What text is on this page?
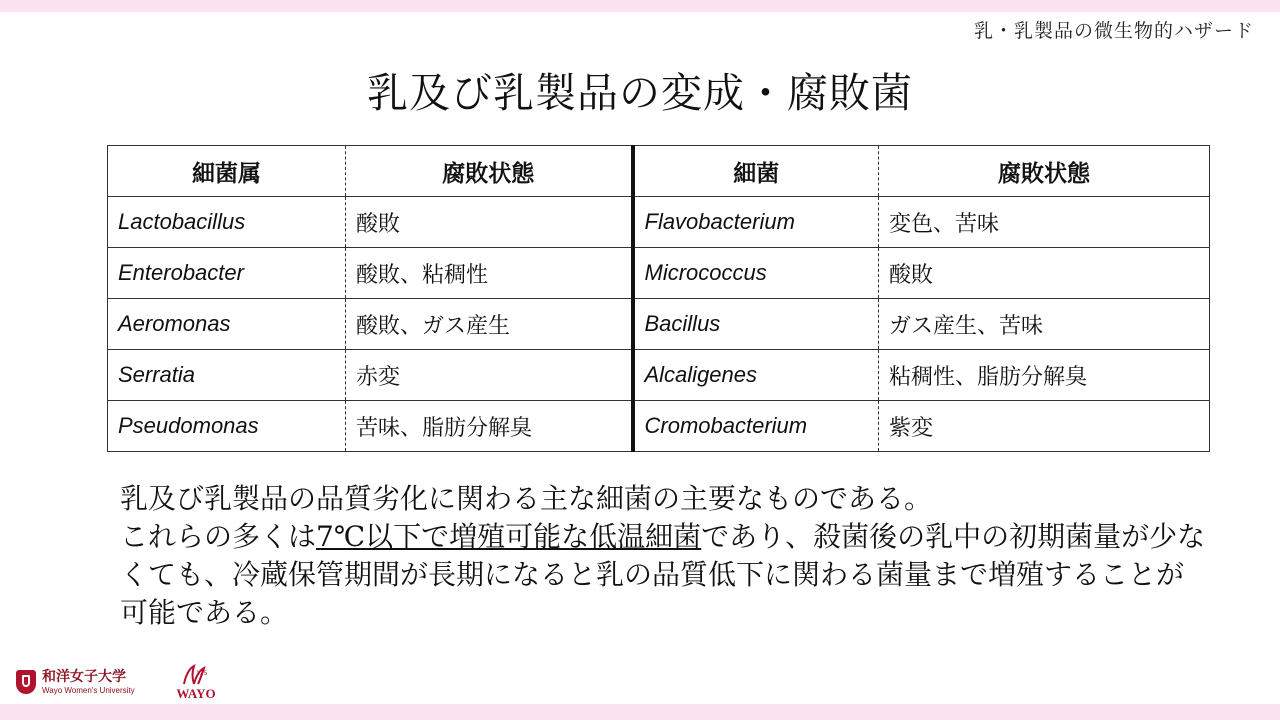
乳・乳製品の微生物的ハザード
乳及び乳製品の変成・腐敗菌
細菌属	腐敗状態	細菌	腐敗状態
Lactobacillus	酸敗	Flavobacterium	変色、苦味
Enterobacter	酸敗、粘稠性	Micrococcus	酸敗
Aeromonas	酸敗、ガス産生	Bacillus	ガス産生、苦味
Serratia	赤変	Alcaligenes	粘稠性、脂肪分解臭
Pseudomonas	苦味、脂肪分解臭	Cromobacterium	紫変

乳及び乳製品の品質劣化に関わる主な細菌の主要なものである。

これらの多くは7℃以下で増殖可能な低温細菌であり、殺菌後の乳中の初期菌量が少なくても、冷蔵保管期間が長期になると乳の品質低下に関わる菌量まで増殖することが可能である。

和洋女子大学
Wayo Women's University
125
WAYO
